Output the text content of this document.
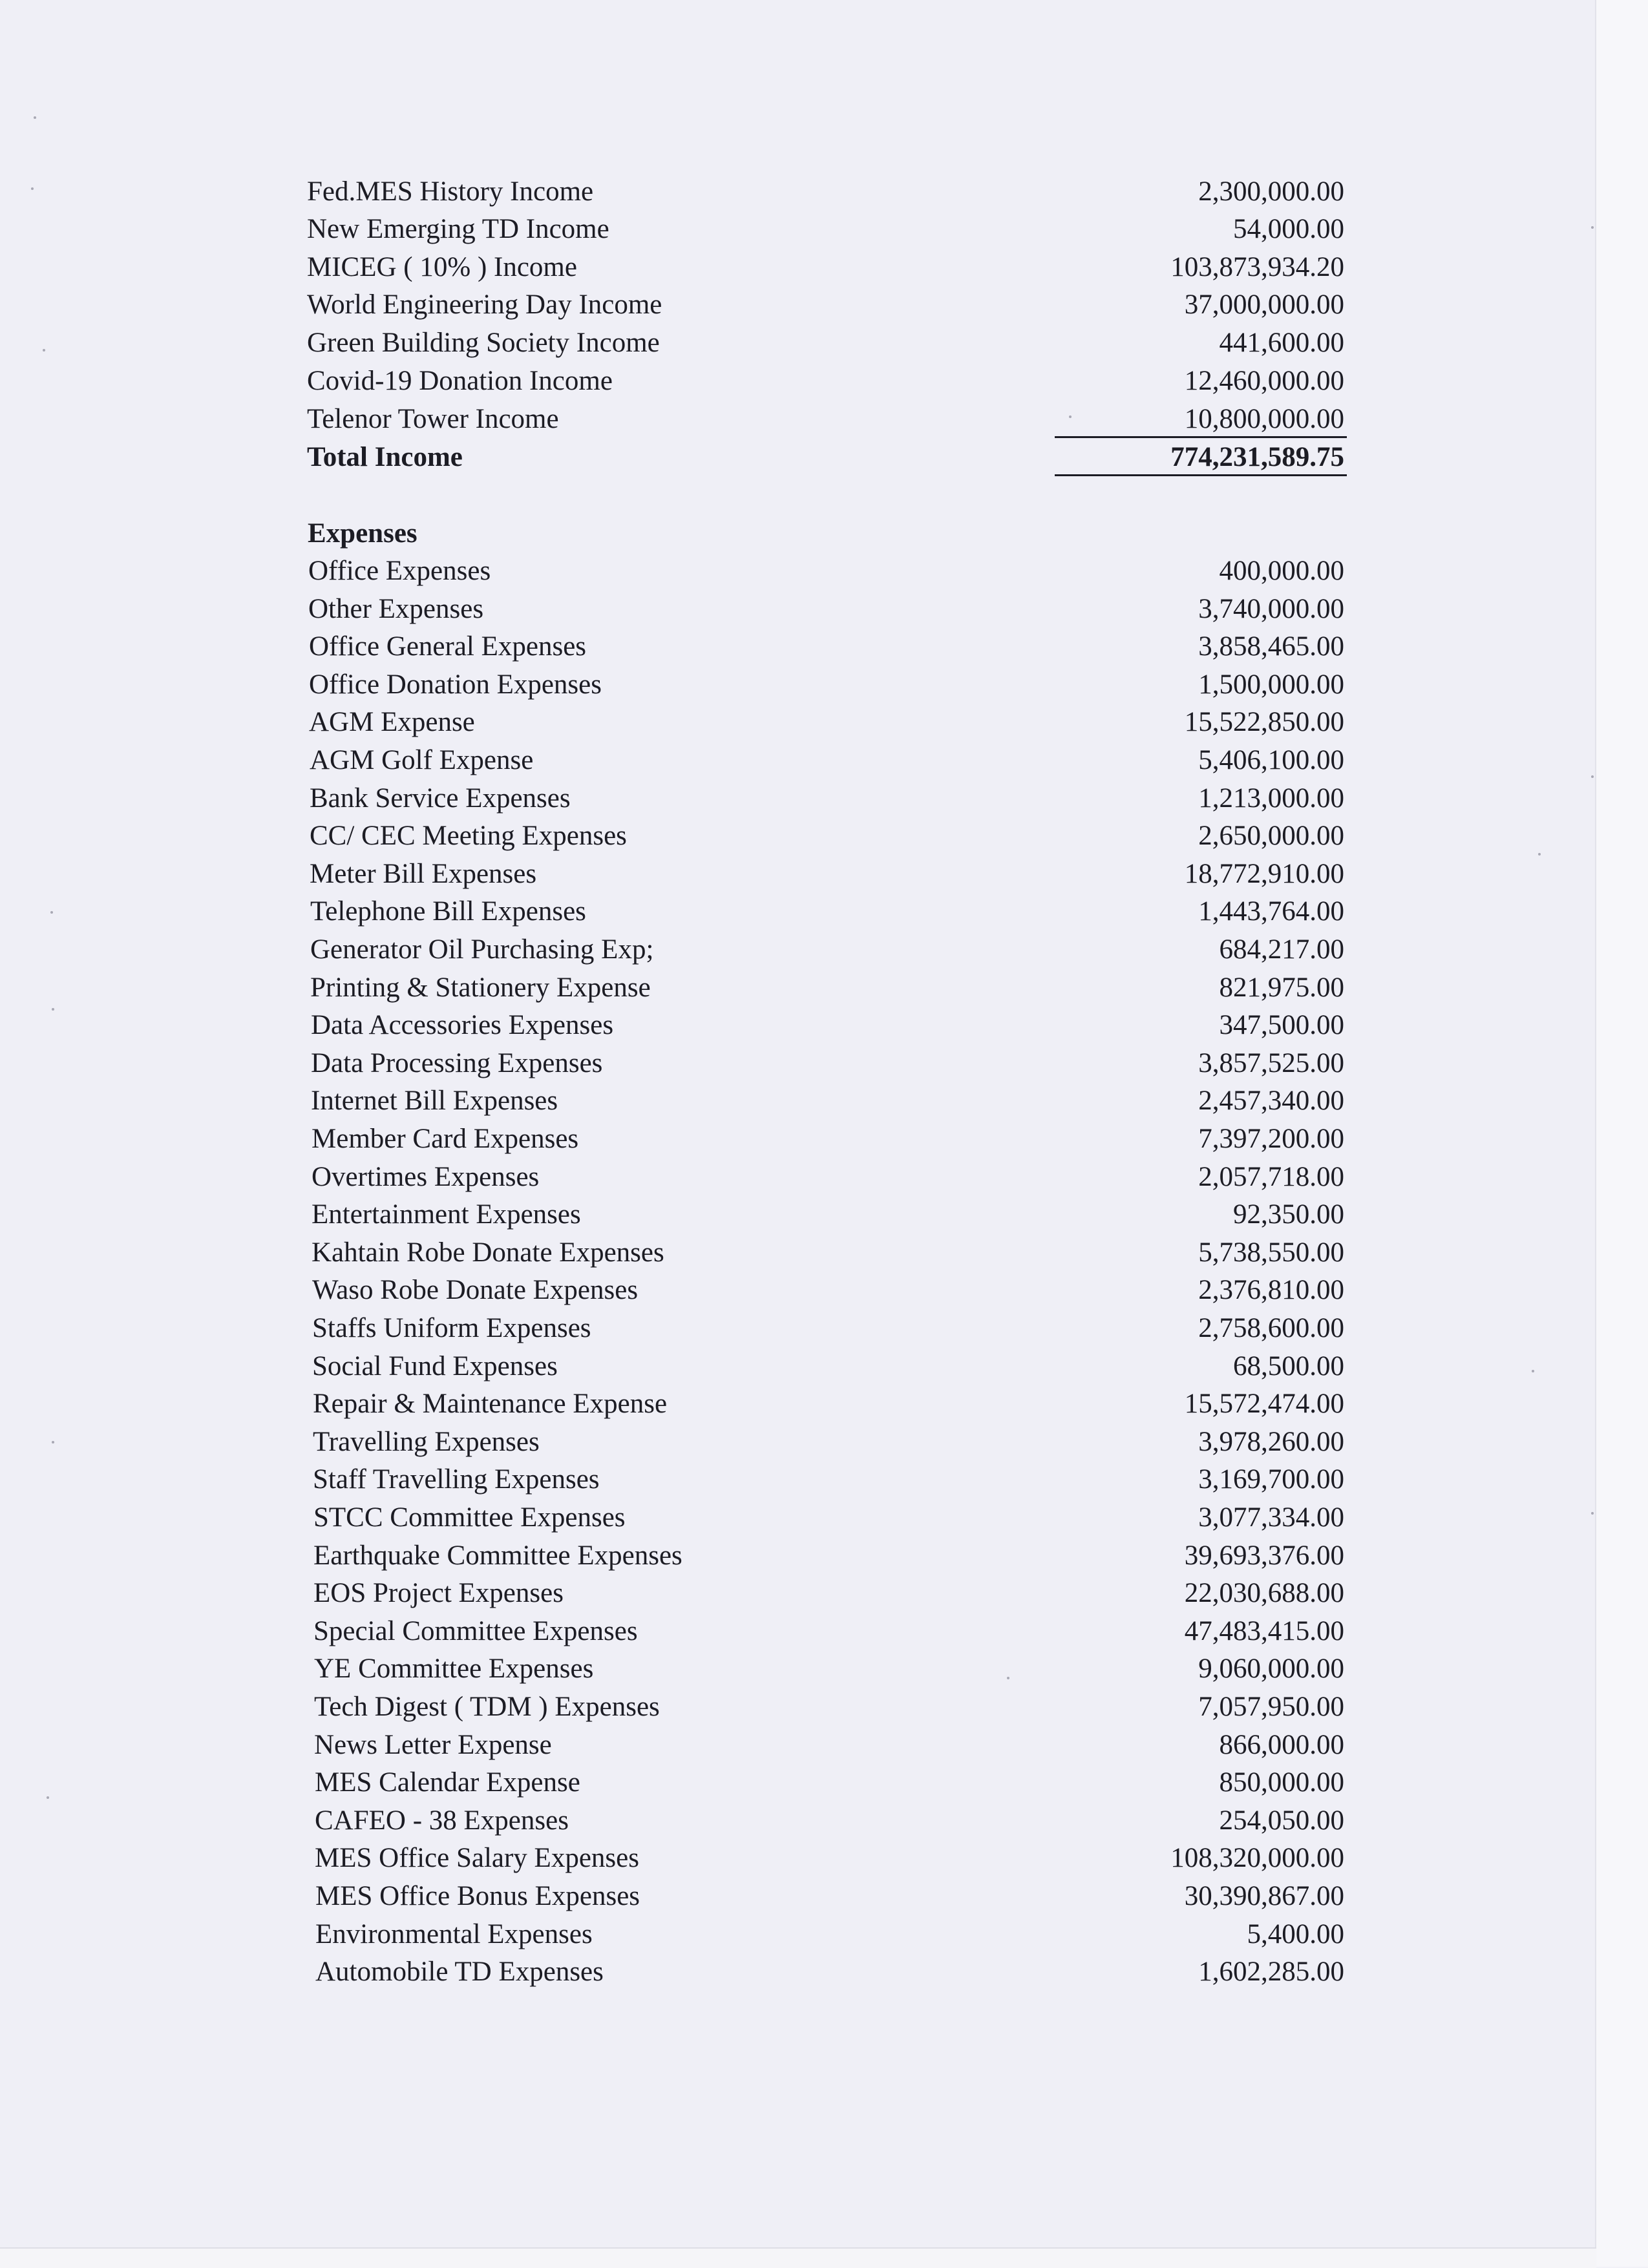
Fed.MES History Income	2,300,000.00
New Emerging TD Income	54,000.00
MICEG ( 10% ) Income	103,873,934.20
World Engineering Day Income	37,000,000.00
Green Building Society Income	441,600.00
Covid-19 Donation Income	12,460,000.00
Telenor Tower Income	10,800,000.00
Total Income	774,231,589.75
Expenses
Office Expenses	400,000.00
Other Expenses	3,740,000.00
Office General Expenses	3,858,465.00
Office Donation Expenses	1,500,000.00
AGM Expense	15,522,850.00
AGM Golf Expense	5,406,100.00
Bank Service Expenses	1,213,000.00
CC/ CEC Meeting Expenses	2,650,000.00
Meter Bill Expenses	18,772,910.00
Telephone Bill Expenses	1,443,764.00
Generator Oil Purchasing Exp;	684,217.00
Printing & Stationery Expense	821,975.00
Data Accessories Expenses	347,500.00
Data Processing Expenses	3,857,525.00
Internet Bill Expenses	2,457,340.00
Member Card Expenses	7,397,200.00
Overtimes Expenses	2,057,718.00
Entertainment Expenses	92,350.00
Kahtain Robe Donate Expenses	5,738,550.00
Waso Robe Donate Expenses	2,376,810.00
Staffs Uniform Expenses	2,758,600.00
Social Fund Expenses	68,500.00
Repair & Maintenance Expense	15,572,474.00
Travelling Expenses	3,978,260.00
Staff Travelling Expenses	3,169,700.00
STCC Committee Expenses	3,077,334.00
Earthquake Committee Expenses	39,693,376.00
EOS Project Expenses	22,030,688.00
Special Committee Expenses	47,483,415.00
YE Committee Expenses	9,060,000.00
Tech Digest ( TDM ) Expenses	7,057,950.00
News Letter Expense	866,000.00
MES Calendar Expense	850,000.00
CAFEO - 38 Expenses	254,050.00
MES Office Salary Expenses	108,320,000.00
MES Office Bonus Expenses	30,390,867.00
Environmental Expenses	5,400.00
Automobile TD Expenses	1,602,285.00
